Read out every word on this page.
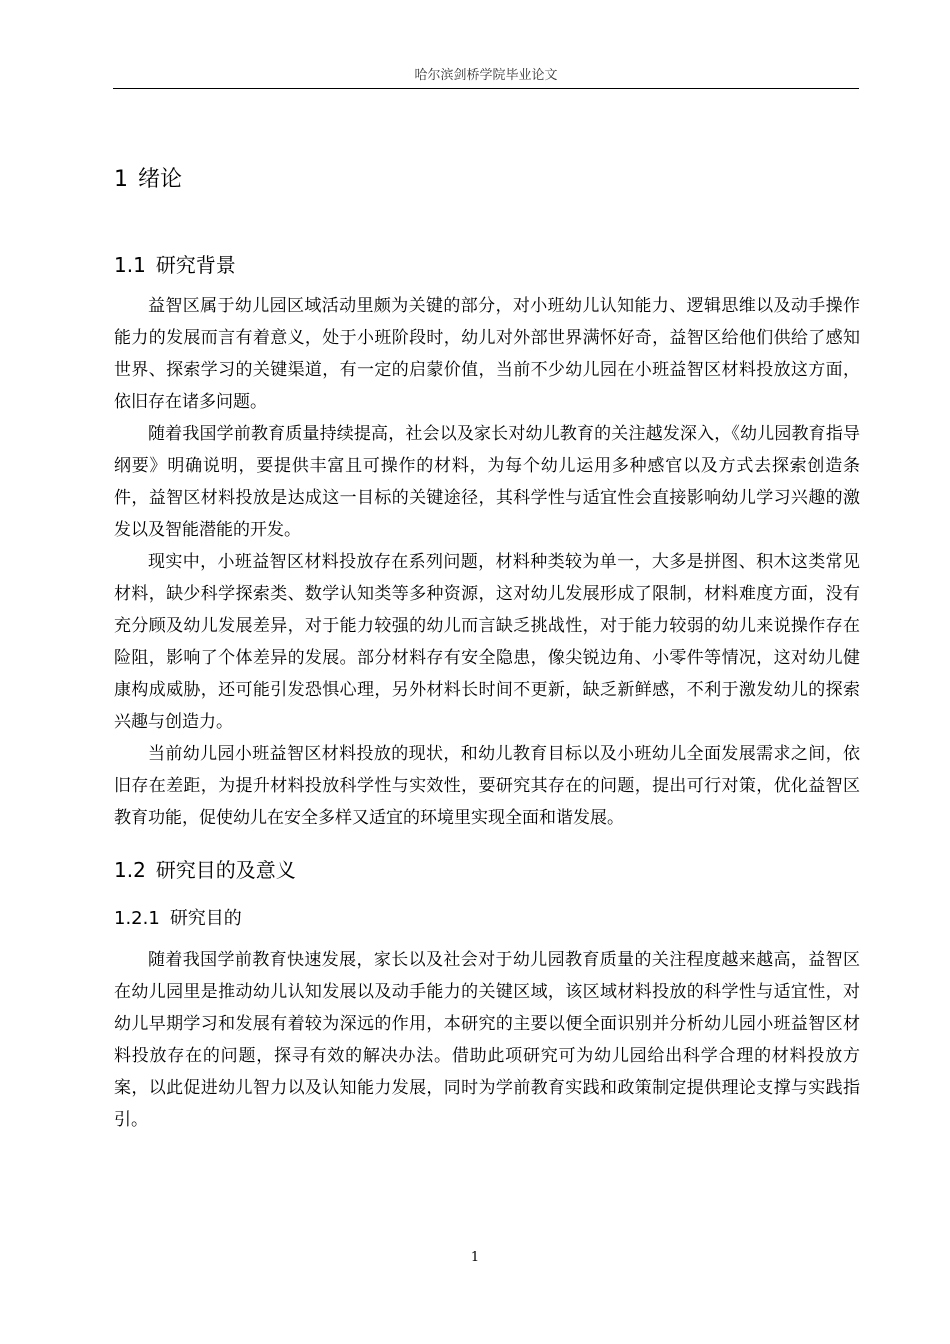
哈尔滨剑桥学院毕业论文
1 绪论
1.1 研究背景

益智区属于幼儿园区域活动里颇为关键的部分，对小班幼儿认知能力、逻辑思维以及动手操作能力的发展而言有着意义，处于小班阶段时，幼儿对外部世界满怀好奇，益智区给他们供给了感知世界、探索学习的关键渠道，有一定的启蒙价值，当前不少幼儿园在小班益智区材料投放这方面，依旧存在诸多问题。

随着我国学前教育质量持续提高，社会以及家长对幼儿教育的关注越发深入，《幼儿园教育指导纲要》明确说明，要提供丰富且可操作的材料，为每个幼儿运用多种感官以及方式去探索创造条件，益智区材料投放是达成这一目标的关键途径，其科学性与适宜性会直接影响幼儿学习兴趣的激发以及智能潜能的开发。

现实中，小班益智区材料投放存在系列问题，材料种类较为单一，大多是拼图、积木这类常见材料，缺少科学探索类、数学认知类等多种资源，这对幼儿发展形成了限制，材料难度方面，没有充分顾及幼儿发展差异，对于能力较强的幼儿而言缺乏挑战性，对于能力较弱的幼儿来说操作存在险阻，影响了个体差异的发展。部分材料存有安全隐患，像尖锐边角、小零件等情况，这对幼儿健康构成威胁，还可能引发恐惧心理，另外材料长时间不更新，缺乏新鲜感，不利于激发幼儿的探索兴趣与创造力。

当前幼儿园小班益智区材料投放的现状，和幼儿教育目标以及小班幼儿全面发展需求之间，依旧存在差距，为提升材料投放科学性与实效性，要研究其存在的问题，提出可行对策，优化益智区教育功能，促使幼儿在安全多样又适宜的环境里实现全面和谐发展。

1.2 研究目的及意义
1.2.1 研究目的

随着我国学前教育快速发展，家长以及社会对于幼儿园教育质量的关注程度越来越高，益智区在幼儿园里是推动幼儿认知发展以及动手能力的关键区域，该区域材料投放的科学性与适宜性，对幼儿早期学习和发展有着较为深远的作用，本研究的主要以便全面识别并分析幼儿园小班益智区材料投放存在的问题，探寻有效的解决办法。借助此项研究可为幼儿园给出科学合理的材料投放方案，以此促进幼儿智力以及认知能力发展，同时为学前教育实践和政策制定提供理论支撑与实践指引。

1
